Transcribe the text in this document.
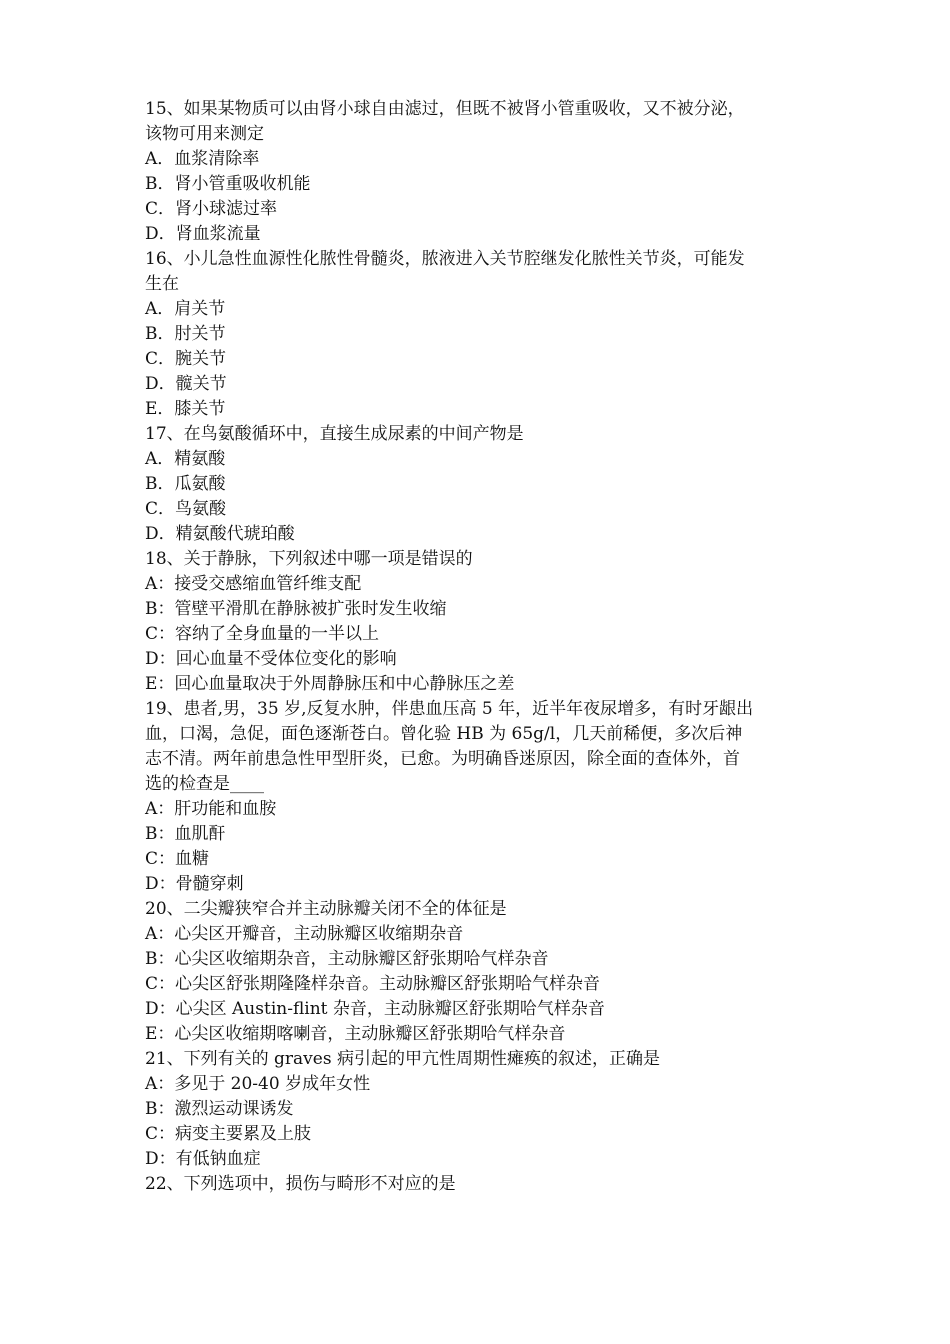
15、如果某物质可以由肾小球自由滤过，但既不被肾小管重吸收，又不被分泌，
该物可用来测定

A．血浆清除率

B．肾小管重吸收机能

C．肾小球滤过率

D．肾血浆流量

16、小儿急性血源性化脓性骨髓炎，脓液进入关节腔继发化脓性关节炎，可能发
生在

A．肩关节

B．肘关节

C．腕关节

D．髋关节

E．膝关节

17、在鸟氨酸循环中，直接生成尿素的中间产物是

A．精氨酸

B．瓜氨酸

C．鸟氨酸

D．精氨酸代琥珀酸

18、关于静脉，下列叙述中哪一项是错误的

A：接受交感缩血管纤维支配

B：管壁平滑肌在静脉被扩张时发生收缩

C：容纳了全身血量的一半以上

D：回心血量不受体位变化的影响

E：回心血量取决于外周静脉压和中心静脉压之差

19、患者,男，35 岁,反复水肿，伴患血压高 5 年，近半年夜尿增多，有时牙龈出
血，口渴，急促，面色逐渐苍白。曾化验 HB 为 65g/l，几天前稀便，多次后神
志不清。两年前患急性甲型肝炎，已愈。为明确昏迷原因，除全面的查体外，首
选的检查是____

A：肝功能和血胺

B：血肌酐

C：血糖

D：骨髓穿刺

20、二尖瓣狭窄合并主动脉瓣关闭不全的体征是

A：心尖区开瓣音，主动脉瓣区收缩期杂音

B：心尖区收缩期杂音，主动脉瓣区舒张期哈气样杂音

C：心尖区舒张期隆隆样杂音。主动脉瓣区舒张期哈气样杂音

D：心尖区 Austin-flint 杂音，主动脉瓣区舒张期哈气样杂音

E：心尖区收缩期喀喇音，主动脉瓣区舒张期哈气样杂音

21、下列有关的 graves 病引起的甲亢性周期性瘫痪的叙述，正确是

A：多见于 20-40 岁成年女性

B：激烈运动课诱发

C：病变主要累及上肢

D：有低钠血症

22、下列选项中，损伤与畸形不对应的是
